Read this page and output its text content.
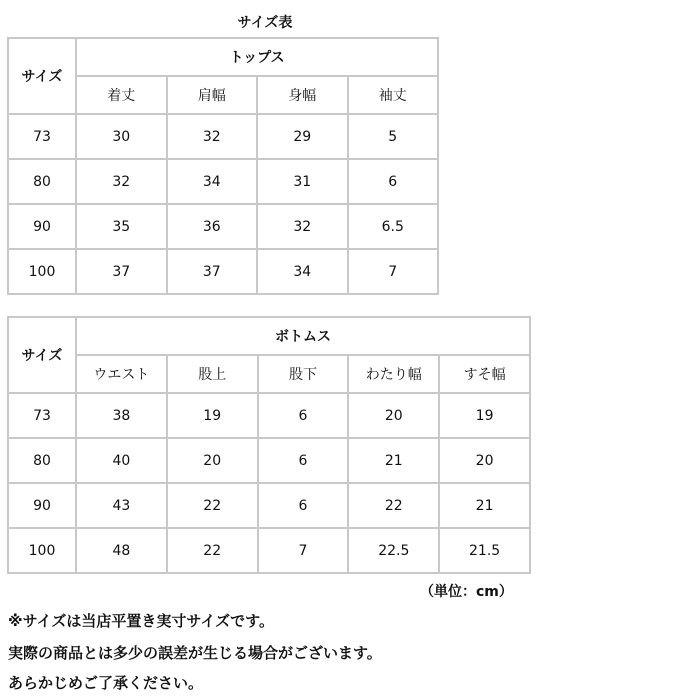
サイズ表
サイズ	トップス			
	着丈	肩幅	身幅	袖丈
73	30	32	29	5
80	32	34	31	6
90	35	36	32	6.5
100	37	37	34	7
サイズ	ボトムス				
	ウエスト	股上	股下	わたり幅	すそ幅
73	38	19	6	20	19
80	40	20	6	21	20
90	43	22	6	22	21
100	48	22	7	22.5	21.5
（単位：cm）
※サイズは当店平置き実寸サイズです。
実際の商品とは多少の誤差が生じる場合がございます。
あらかじめご了承ください。
